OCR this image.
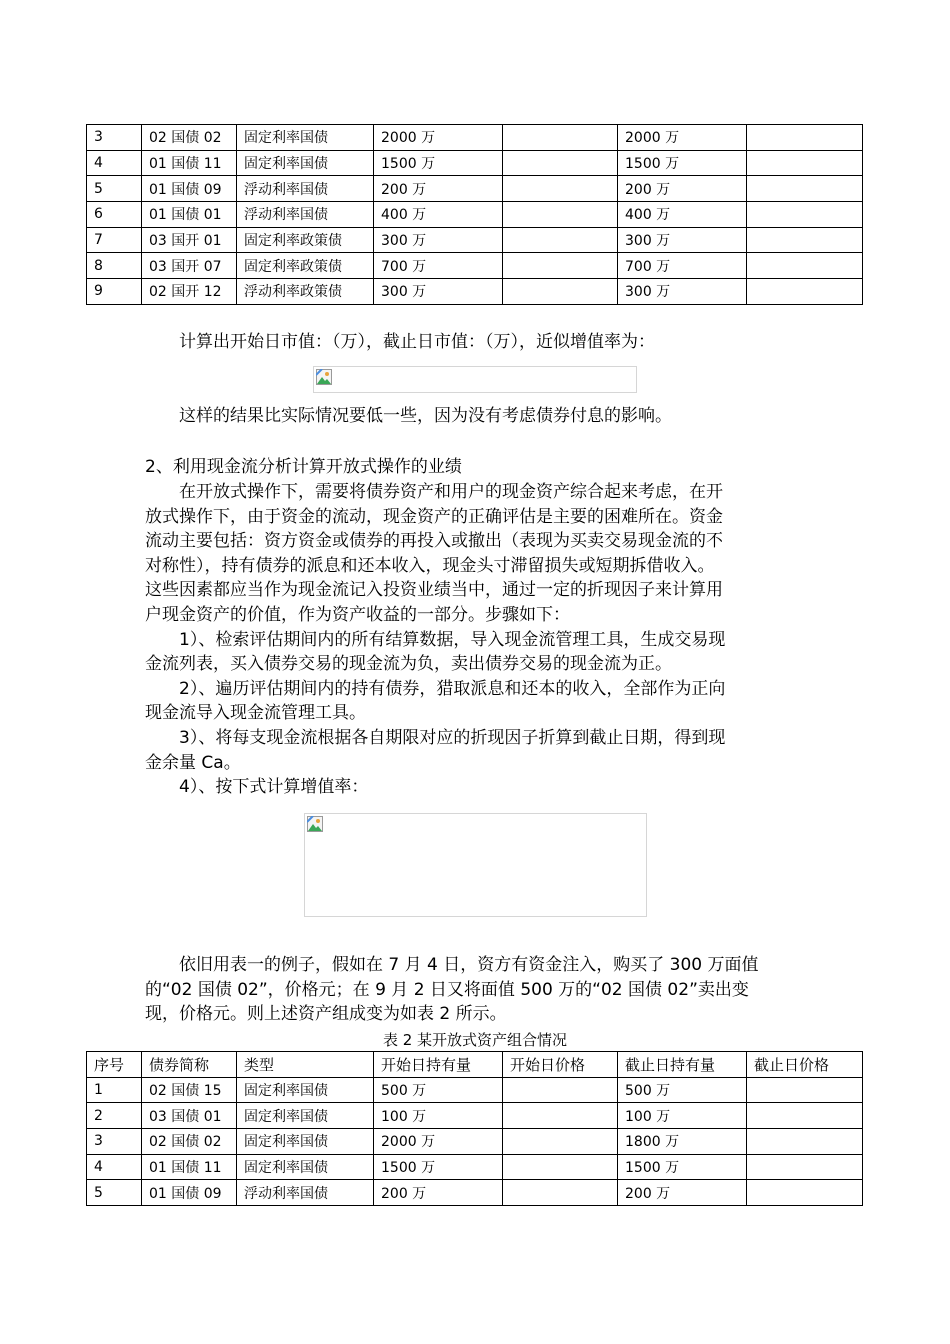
3	02 国债 02	固定利率国债	2000 万		2000 万	
4	01 国债 11	固定利率国债	1500 万		1500 万	
5	01 国债 09	浮动利率国债	200 万		200 万	
6	01 国债 01	浮动利率国债	400 万		400 万	
7	03 国开 01	固定利率政策债	300 万		300 万	
8	03 国开 07	固定利率政策债	700 万		700 万	
9	02 国开 12	浮动利率政策债	300 万		300 万	

计算出开始日市值：（万），截止日市值：（万），近似增值率为：

这样的结果比实际情况要低一些，因为没有考虑债券付息的影响。

2、利用现金流分析计算开放式操作的业绩

在开放式操作下，需要将债券资产和用户的现金资产综合起来考虑，在开
放式操作下，由于资金的流动，现金资产的正确评估是主要的困难所在。资金
流动主要包括：资方资金或债券的再投入或撤出（表现为买卖交易现金流的不
对称性），持有债券的派息和还本收入，现金头寸滞留损失或短期拆借收入。
这些因素都应当作为现金流记入投资业绩当中，通过一定的折现因子来计算用
户现金资产的价值，作为资产收益的一部分。步骤如下：
1）、检索评估期间内的所有结算数据，导入现金流管理工具，生成交易现
金流列表，买入债券交易的现金流为负，卖出债券交易的现金流为正。
2）、遍历评估期间内的持有债券，猎取派息和还本的收入，全部作为正向
现金流导入现金流管理工具。
3）、将每支现金流根据各自期限对应的折现因子折算到截止日期，得到现
金余量 Ca。
4）、按下式计算增值率：
依旧用表一的例子，假如在 7 月 4 日，资方有资金注入，购买了 300 万面值
的“02 国债 02”，价格元；在 9 月 2 日又将面值 500 万的“02 国债 02”卖出变
现，价格元。则上述资产组成变为如表 2 所示。
表 2 某开放式资产组合情况
序号	债券简称	类型	开始日持有量	开始日价格	截止日持有量	截止日价格
1	02 国债 15	固定利率国债	500 万		500 万	
2	03 国债 01	固定利率国债	100 万		100 万	
3	02 国债 02	固定利率国债	2000 万		1800 万	
4	01 国债 11	固定利率国债	1500 万		1500 万	
5	01 国债 09	浮动利率国债	200 万		200 万	
